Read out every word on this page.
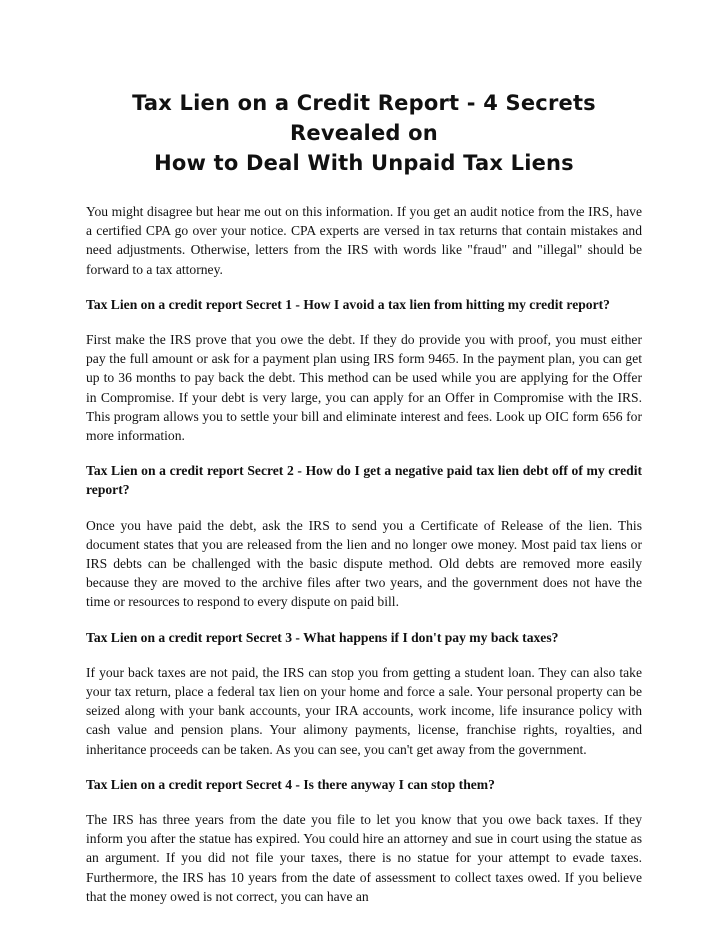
Tax Lien on a Credit Report - 4 Secrets Revealed on
How to Deal With Unpaid Tax Liens

You might disagree but hear me out on this information. If you get an audit notice from the IRS, have a certified CPA go over your notice. CPA experts are versed in tax returns that contain mistakes and need adjustments. Otherwise, letters from the IRS with words like "fraud" and "illegal" should be forward to a tax attorney.

Tax Lien on a credit report Secret 1 - How I avoid a tax lien from hitting my credit report?

First make the IRS prove that you owe the debt. If they do provide you with proof, you must either pay the full amount or ask for a payment plan using IRS form 9465. In the payment plan, you can get up to 36 months to pay back the debt. This method can be used while you are applying for the Offer in Compromise. If your debt is very large, you can apply for an Offer in Compromise with the IRS. This program allows you to settle your bill and eliminate interest and fees. Look up OIC form 656 for more information.

Tax Lien on a credit report Secret 2 - How do I get a negative paid tax lien debt off of my credit report?

Once you have paid the debt, ask the IRS to send you a Certificate of Release of the lien. This document states that you are released from the lien and no longer owe money. Most paid tax liens or IRS debts can be challenged with the basic dispute method. Old debts are removed more easily because they are moved to the archive files after two years, and the government does not have the time or resources to respond to every dispute on paid bill.

Tax Lien on a credit report Secret 3 - What happens if I don't pay my back taxes?

If your back taxes are not paid, the IRS can stop you from getting a student loan. They can also take your tax return, place a federal tax lien on your home and force a sale. Your personal property can be seized along with your bank accounts, your IRA accounts, work income, life insurance policy with cash value and pension plans. Your alimony payments, license, franchise rights, royalties, and inheritance proceeds can be taken. As you can see, you can't get away from the government.

Tax Lien on a credit report Secret 4 - Is there anyway I can stop them?

The IRS has three years from the date you file to let you know that you owe back taxes. If they inform you after the statue has expired. You could hire an attorney and sue in court using the statue as an argument. If you did not file your taxes, there is no statue for your attempt to evade taxes. Furthermore, the IRS has 10 years from the date of assessment to collect taxes owed. If you believe that the money owed is not correct, you can have an
